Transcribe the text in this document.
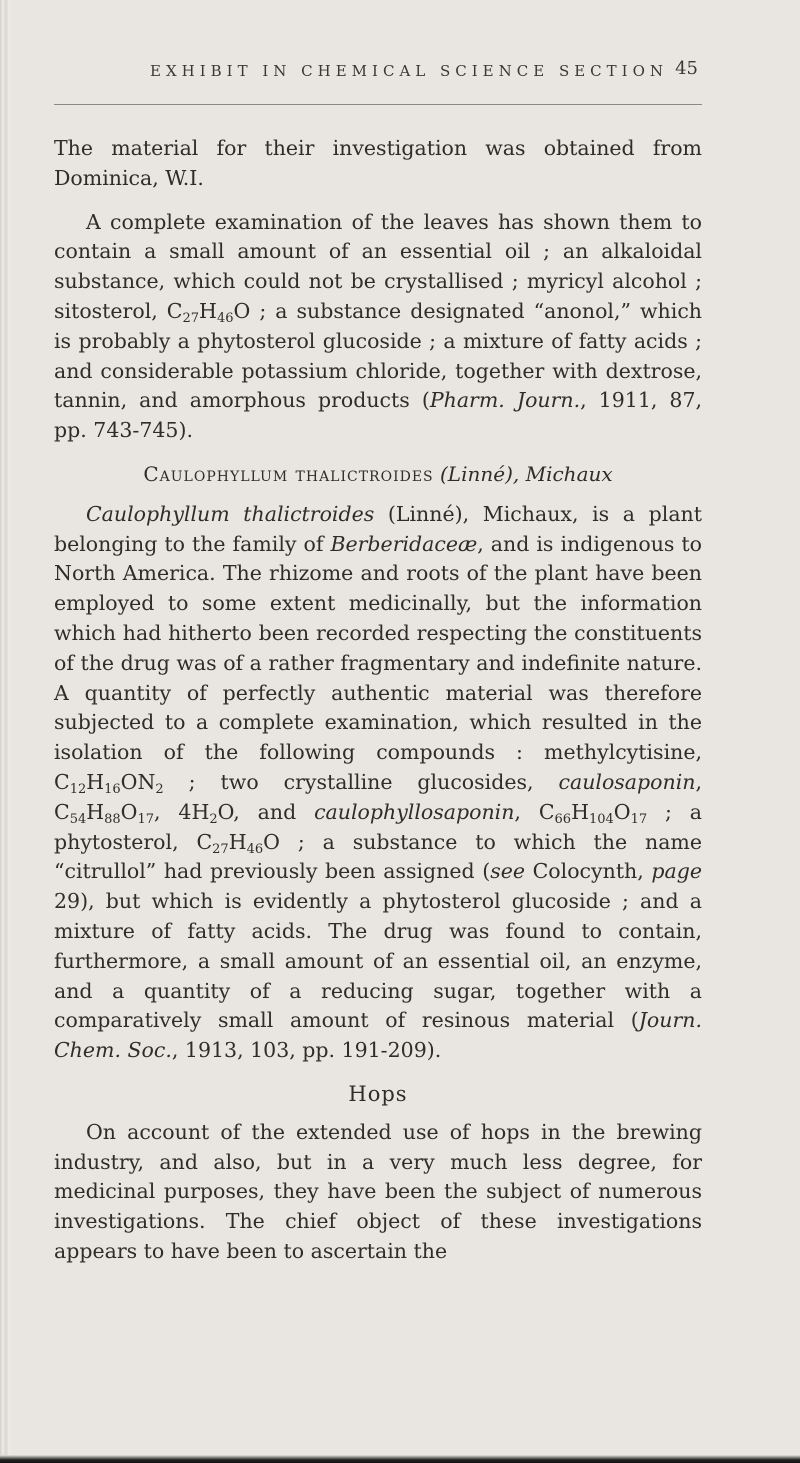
EXHIBIT IN CHEMICAL SCIENCE SECTION 45

The material for their investigation was obtained from Dominica, W.I.

A complete examination of the leaves has shown them to contain a small amount of an essential oil ; an alkaloidal substance, which could not be crystallised ; myricyl alcohol ; sitosterol, $C_{27}H_{46}O$ ; a substance designated “anonol,” which is probably a phytosterol glucoside ; a mixture of fatty acids ; and considerable potassium chloride, together with dextrose, tannin, and amorphous products (Pharm. Journ., 1911, 87, pp. 743-745).

Caulophyllum thalictroides (Linné), Michaux

Caulophyllum thalictroides (Linné), Michaux, is a plant belonging to the family of Berberidaceæ, and is indigenous to North America. The rhizome and roots of the plant have been employed to some extent medicinally, but the information which had hitherto been recorded respecting the constituents of the drug was of a rather fragmentary and indefinite nature. A quantity of perfectly authentic material was therefore subjected to a complete examination, which resulted in the isolation of the following compounds : methylcytisine, $C_{12}H_{16}ON_2$ ; two crystalline glucosides, caulosaponin, $C_{54}H_{88}O_{17}$, $4H_2O$, and caulophyllosaponin, $C_{66}H_{104}O_{17}$ ; a phytosterol, $C_{27}H_{46}O$ ; a substance to which the name “citrullol” had previously been assigned (see Colocynth, page 29), but which is evidently a phytosterol glucoside ; and a mixture of fatty acids. The drug was found to contain, furthermore, a small amount of an essential oil, an enzyme, and a quantity of a reducing sugar, together with a comparatively small amount of resinous material (Journ. Chem. Soc., 1913, 103, pp. 191-209).

Hops

On account of the extended use of hops in the brewing industry, and also, but in a very much less degree, for medicinal purposes, they have been the subject of numerous investigations. The chief object of these investigations appears to have been to ascertain the
